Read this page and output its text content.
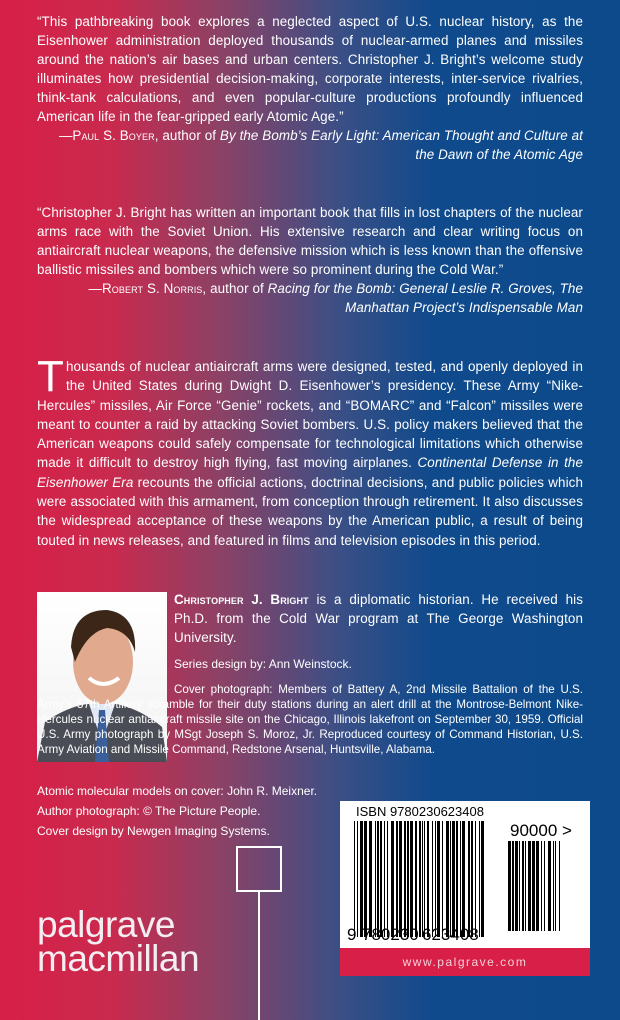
“This pathbreaking book explores a neglected aspect of U.S. nuclear history, as the Eisenhower administration deployed thousands of nuclear-armed planes and missiles around the nation’s air bases and urban centers. Christopher J. Bright’s welcome study illuminates how presidential decision-making, corporate interests, inter-service rivalries, think-tank calculations, and even popular-culture productions profoundly influenced American life in the fear-gripped early Atomic Age.”

—Paul S. Boyer, author of By the Bomb’s Early Light: American Thought and Culture at the Dawn of the Atomic Age

“Christopher J. Bright has written an important book that fills in lost chapters of the nuclear arms race with the Soviet Union. His extensive research and clear writing focus on antiaircraft nuclear weapons, the defensive mission which is less known than the offensive ballistic missiles and bombers which were so prominent during the Cold War.”

—Robert S. Norris, author of Racing for the Bomb: General Leslie R. Groves, The Manhattan Project’s Indispensable Man

Thousands of nuclear antiaircraft arms were designed, tested, and openly deployed in the United States during Dwight D. Eisenhower’s presidency. These Army “Nike-Hercules” missiles, Air Force “Genie” rockets, and “BOMARC” and “Falcon” missiles were meant to counter a raid by attacking Soviet bombers. U.S. policy makers believed that the American weapons could safely compensate for technological limitations which otherwise made it difficult to destroy high flying, fast moving airplanes. Continental Defense in the Eisenhower Era recounts the official actions, doctrinal decisions, and public policies which were associated with this armament, from conception through retirement. It also discusses the widespread acceptance of these weapons by the American public, a result of being touted in news releases, and featured in films and television episodes in this period.
Christopher J. Bright is a diplomatic historian. He received his Ph.D. from the Cold War program at The George Washington University.
Series design by: Ann Weinstock.
Cover photograph: Members of Battery A, 2nd Missile Battalion of the U.S. Army’s 57th Artillery scramble for their duty stations during an alert drill at the Montrose-Belmont Nike-Hercules nuclear antiaircraft missile site on the Chicago, Illinois lakefront on September 30, 1959. Official U.S. Army photograph by MSgt Joseph S. Moroz, Jr. Reproduced courtesy of Command Historian, U.S. Army Aviation and Missile Command, Redstone Arsenal, Huntsville, Alabama.
Atomic molecular models on cover: John R. Meixner.
Author photograph: © The Picture People.
Cover design by Newgen Imaging Systems.
ISBN 9780230623408
90000 >
9 780230 623408
www.palgrave.com
palgrave
macmillan
